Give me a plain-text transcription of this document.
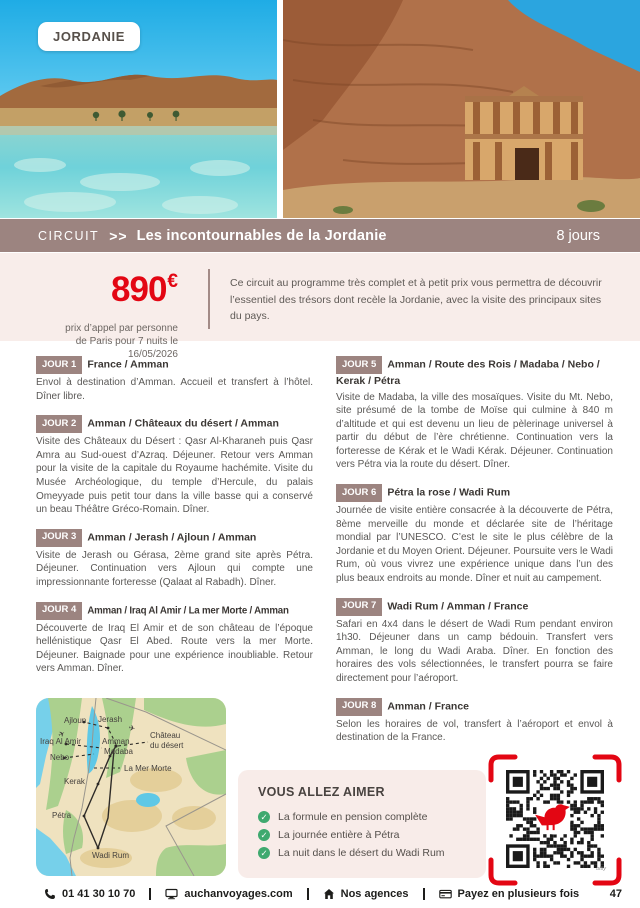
JORDANIE
CIRCUIT >> Les incontournables de la Jordanie	8 jours
890€
prix d’appel par personne
de Paris pour 7 nuits le 16/05/2026

Ce circuit au programme très complet et à petit prix vous permettra de découvrir l’essentiel des trésors dont recèle la Jordanie, avec la visite des principaux sites du pays.

JOUR 1 France / Amman

Envol à destination d’Amman. Accueil et transfert à l’hôtel. Dîner libre.

JOUR 2 Amman / Châteaux du désert / Amman

Visite des Châteaux du Désert : Qasr Al-Kharaneh puis Qasr Amra au Sud-ouest d’Azraq. Déjeuner. Retour vers Amman pour la visite de la capitale du Royaume hachémite. Visite du Musée Archéologique, du temple d’Hercule, du palais Omeyyade puis petit tour dans la ville basse qui a conservé un beau Théâtre Gréco-Romain. Dîner.

JOUR 3 Amman / Jerash / Ajloun / Amman

Visite de Jerash ou Gérasa, 2ème grand site après Pétra. Déjeuner. Continuation vers Ajloun qui compte une impressionnante forteresse (Qalaat al Rabadh). Dîner.

JOUR 4 Amman / Iraq Al Amir / La mer Morte / Amman

Découverte de Iraq El Amir et de son château de l’époque hellénistique Qasr El Abed. Route vers la mer Morte. Déjeuner. Baignade pour une expérience inoubliable. Retour vers Amman. Dîner.

JOUR 5 Amman / Route des Rois / Madaba / Nebo / Kerak / Pétra

Visite de Madaba, la ville des mosaïques. Visite du Mt. Nebo, site présumé de la tombe de Moïse qui culmine à 840 m d’altitude et qui est devenu un lieu de pèlerinage universel à partir du début de l’ère chrétienne. Continuation vers la forteresse de Kérak et le Wadi Kérak. Déjeuner. Continuation vers Pétra via la route du désert. Dîner.

JOUR 6 Pétra la rose / Wadi Rum

Journée de visite entière consacrée à la découverte de Pétra, 8ème merveille du monde et déclarée site de l’héritage mondial par l’UNESCO. C’est le site le plus célèbre de la Jordanie et du Moyen Orient. Déjeuner. Poursuite vers le Wadi Rum, où vous vivrez une expérience unique dans l’un des plus beaux endroits au monde. Dîner et nuit au campement.

JOUR 7 Wadi Rum / Amman / France

Safari en 4x4 dans le désert de Wadi Rum pendant environ 1h30. Déjeuner dans un camp bédouin. Transfert vers Amman, le long du Wadi Araba. Dîner. En fonction des horaires des vols sélectionnées, le transfert pourra se faire directement pour l’aéroport.

JOUR 8 Amman / France

Selon les horaires de vol, transfert à l’aéroport et envol à destination de la France.

✈
✈
Ajloun Jerash
Iraq Al Amir	Amman
Madaba
Château
du désert
Nebo
La Mer Morte
Kerak
Pétra
Wadi Rum
VOUS ALLEZ AIMER
✓ La formule en pension complète
✓ La journée entière à Pétra
✓ La nuit dans le désert du Wadi Rum
bitly
01 41 30 10 70	auchanvoyages.com	Nos agences	Payez en plusieurs fois	47
